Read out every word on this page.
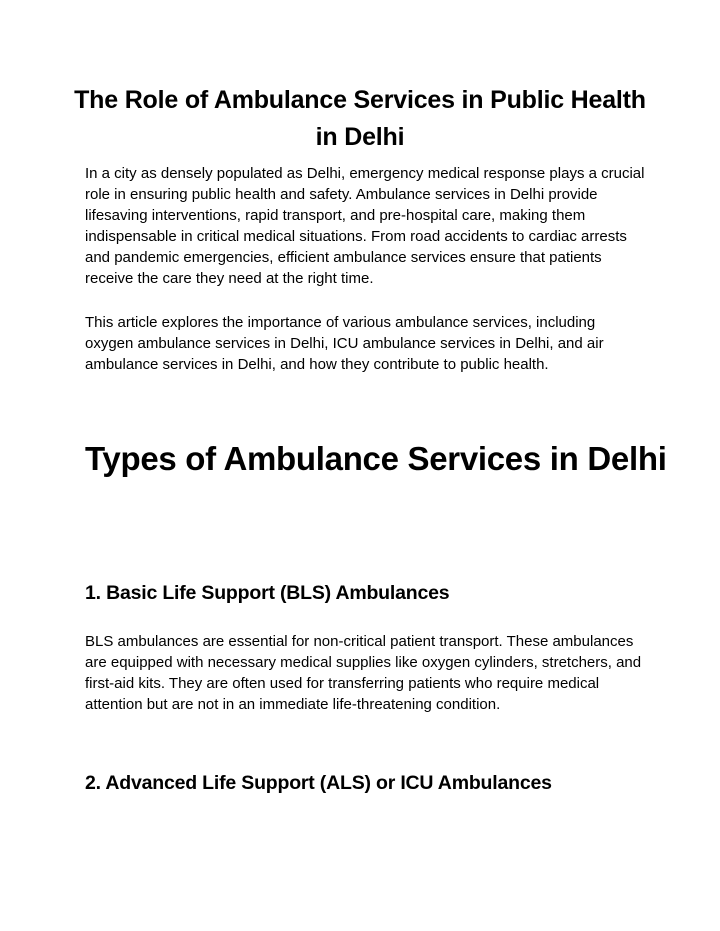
The Role of Ambulance Services in Public Health in Delhi
In a city as densely populated as Delhi, emergency medical response plays a crucial role in ensuring public health and safety. Ambulance services in Delhi provide lifesaving interventions, rapid transport, and pre-hospital care, making them indispensable in critical medical situations. From road accidents to cardiac arrests and pandemic emergencies, efficient ambulance services ensure that patients receive the care they need at the right time.
This article explores the importance of various ambulance services, including oxygen ambulance services in Delhi, ICU ambulance services in Delhi, and air ambulance services in Delhi, and how they contribute to public health.
Types of Ambulance Services in Delhi
1. Basic Life Support (BLS) Ambulances
BLS ambulances are essential for non-critical patient transport. These ambulances are equipped with necessary medical supplies like oxygen cylinders, stretchers, and first-aid kits. They are often used for transferring patients who require medical attention but are not in an immediate life-threatening condition.
2. Advanced Life Support (ALS) or ICU Ambulances
